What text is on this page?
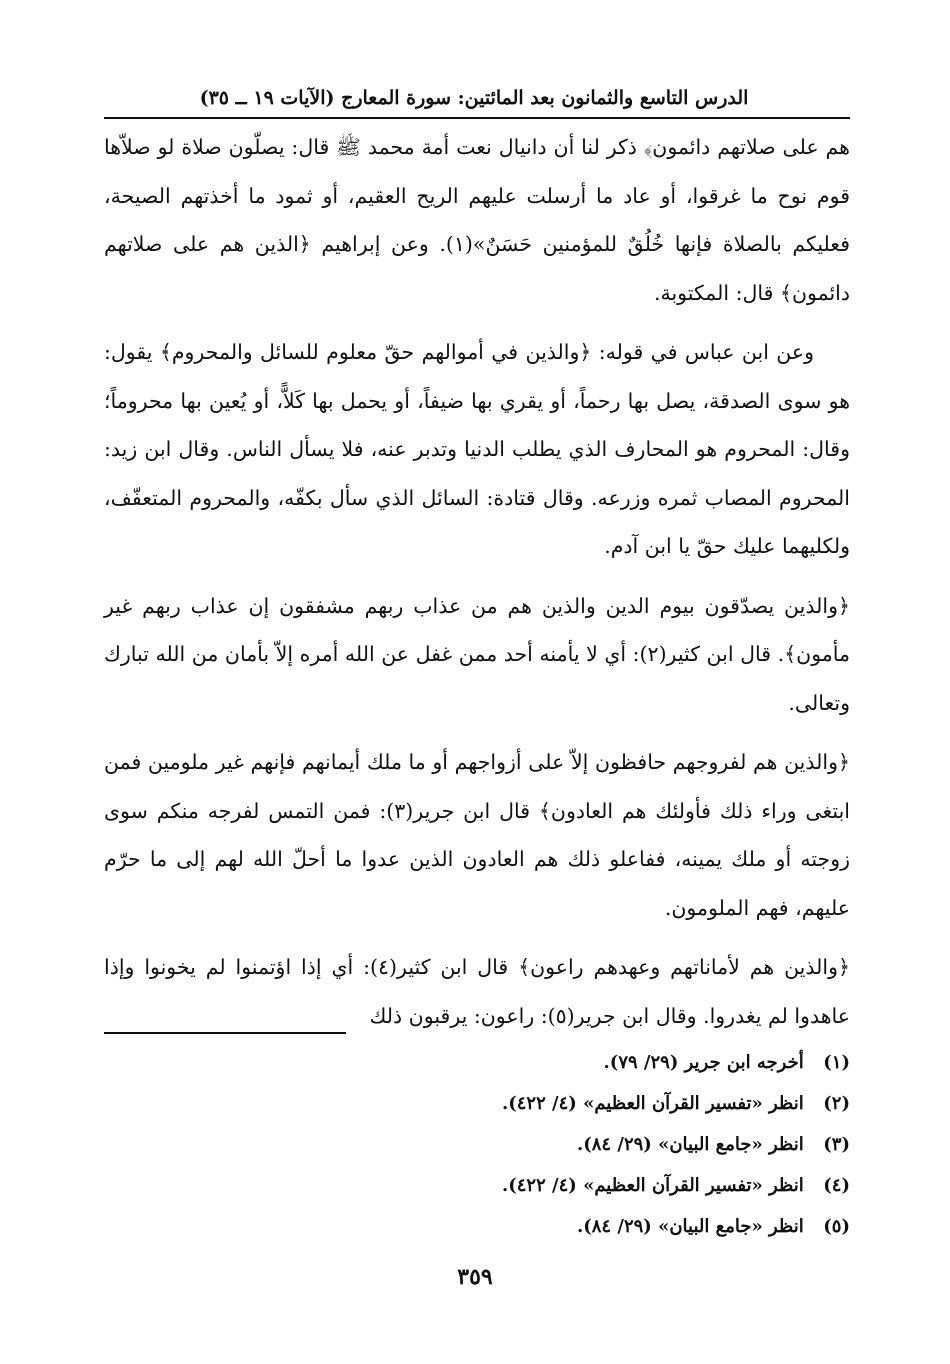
الدرس التاسع والثمانون بعد المائتين: سورة المعارج (الآيات ١٩ ــ ٣٥)

هم على صلاتهم دائمون﴾ ذكر لنا أن دانيال نعت أمة محمد ﷺ قال: يصلّون صلاة لو صلاّها قوم نوح ما غرقوا، أو عاد ما أرسلت عليهم الريح العقيم، أو ثمود ما أخذتهم الصيحة، فعليكم بالصلاة فإنها خُلُقٌ للمؤمنين حَسَنٌ»(١). وعن إبراهيم ﴿الذين هم على صلاتهم دائمون﴾ قال: المكتوبة.

وعن ابن عباس في قوله: ﴿والذين في أموالهم حقّ معلوم للسائل والمحروم﴾ يقول: هو سوى الصدقة، يصل بها رحماً، أو يقري بها ضيفاً، أو يحمل بها كَلاًّ، أو يُعين بها محروماً؛ وقال: المحروم هو المحارف الذي يطلب الدنيا وتدبر عنه، فلا يسأل الناس. وقال ابن زيد: المحروم المصاب ثمره وزرعه. وقال قتادة: السائل الذي سأل بكفّه، والمحروم المتعفّف، ولكليهما عليك حقّ يا ابن آدم.

﴿والذين يصدّقون بيوم الدين والذين هم من عذاب ربهم مشفقون إن عذاب ربهم غير مأمون﴾. قال ابن كثير(٢): أي لا يأمنه أحد ممن غفل عن الله أمره إلاّ بأمان من الله تبارك وتعالى.

﴿والذين هم لفروجهم حافظون إلاّ على أزواجهم أو ما ملك أيمانهم فإنهم غير ملومين فمن ابتغى وراء ذلك فأولئك هم العادون﴾ قال ابن جرير(٣): فمن التمس لفرجه منكم سوى زوجته أو ملك يمينه، ففاعلو ذلك هم العادون الذين عدوا ما أحلّ الله لهم إلى ما حرّم عليهم، فهم الملومون.

﴿والذين هم لأماناتهم وعهدهم راعون﴾ قال ابن كثير(٤): أي إذا اؤتمنوا لم يخونوا وإذا عاهدوا لم يغدروا. وقال ابن جرير(٥): راعون: يرقبون ذلك

(١) أخرجه ابن جرير (٢٩/ ٧٩).
(٢) انظر «تفسير القرآن العظيم» (٤/ ٤٢٢).
(٣) انظر «جامع البيان» (٢٩/ ٨٤).
(٤) انظر «تفسير القرآن العظيم» (٤/ ٤٢٢).
(٥) انظر «جامع البيان» (٢٩/ ٨٤).
٣٥٩
